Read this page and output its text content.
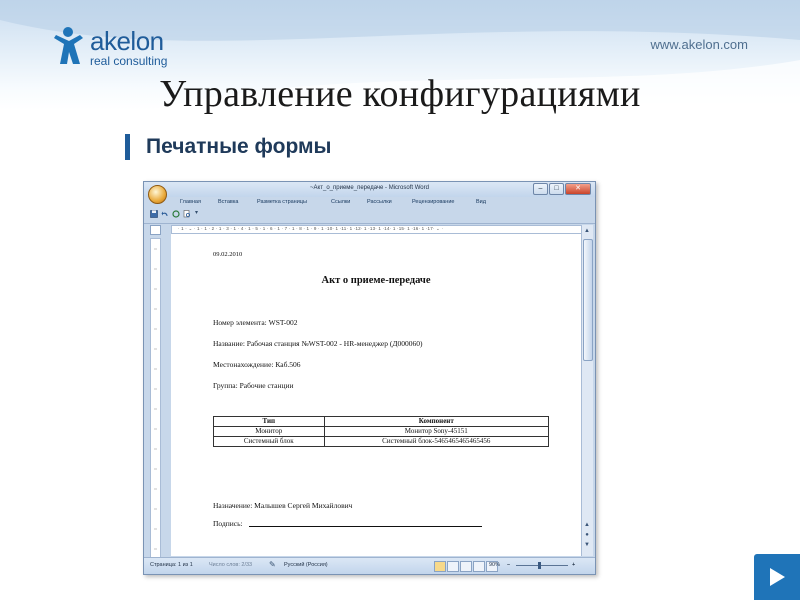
akelon
real consulting
www.akelon.com
Управление конфигурациями
Печатные формы
~Акт_о_приеме_передаче - Microsoft Word	–	□	✕
Главная	Вставка	Разметка страницы	Ссылки	Рассылки	Рецензирование	Вид
▾
· 1 · ⌄ · 1 · 1 · 2 · 1 · 3 · 1 · 4 · 1 · 5 · 1 · 6 · 1 · 7 · 1 · 8 · 1 · 9 · 1 ·10· 1 ·11· 1 ·12· 1 ·13· 1 ·14· 1 ·15· 1 ·16· 1 ·17· ⌄ ·
09.02.2010
Акт о приеме-передаче
Номер элемента: WST-002
Название: Рабочая станция №WST-002 - HR-менеджер (Д000060)
Местонахождение: Каб.506
Группа: Рабочие станции
Тип	Компонент
Монитор	Монитор Sony-45151
Системный блок	Системный блок-5465465465465456
Назначение: Малышев Сергей Михайлович
Подпись:
▲
▲
●
▼
Страница: 1 из 1	Число слов: 2/33 ✎ Русский (Россия)	90% –	+
